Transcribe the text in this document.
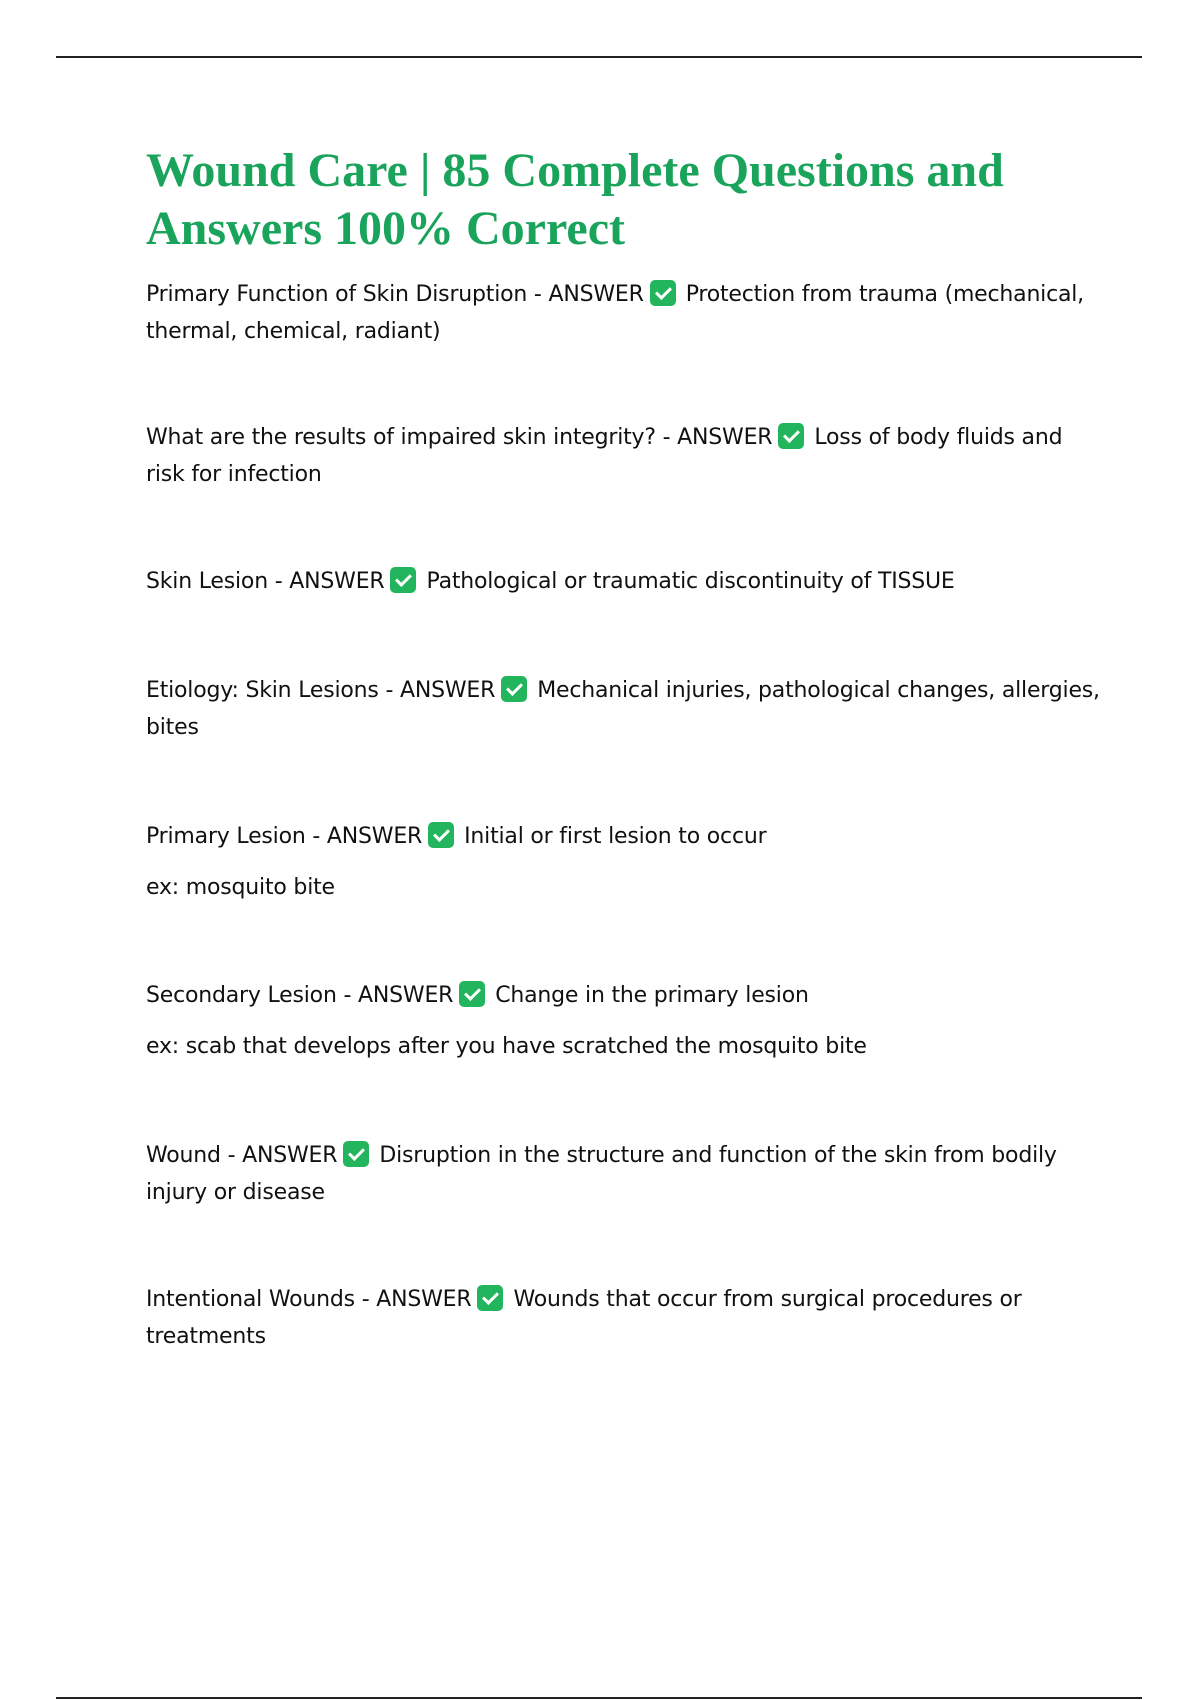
Wound Care | 85 Complete Questions and Answers 100% Correct

Primary Function of Skin Disruption - ANSWER Protection from trauma (mechanical, thermal, chemical, radiant)

What are the results of impaired skin integrity? - ANSWER Loss of body fluids and risk for infection

Skin Lesion - ANSWER Pathological or traumatic discontinuity of TISSUE

Etiology: Skin Lesions - ANSWER Mechanical injuries, pathological changes, allergies, bites

Primary Lesion - ANSWER Initial or first lesion to occur

ex: mosquito bite

Secondary Lesion - ANSWER Change in the primary lesion

ex: scab that develops after you have scratched the mosquito bite

Wound - ANSWER Disruption in the structure and function of the skin from bodily injury or disease

Intentional Wounds - ANSWER Wounds that occur from surgical procedures or treatments
